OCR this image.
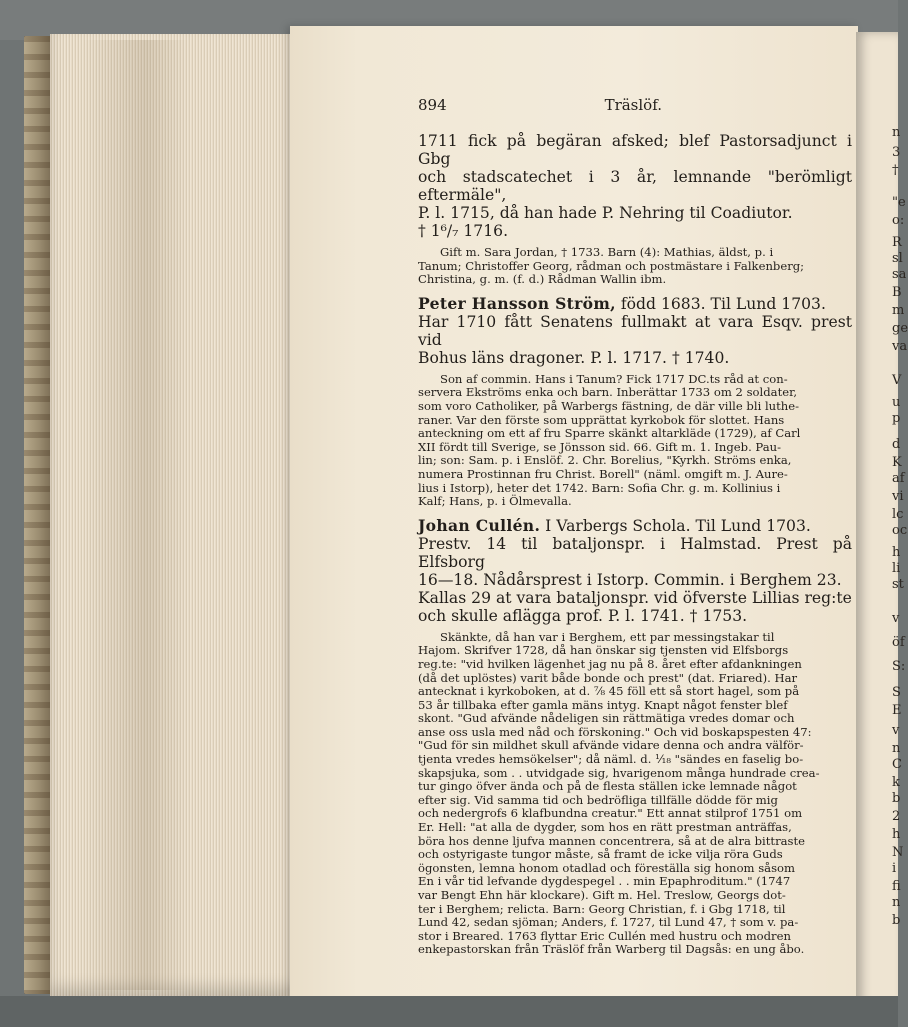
n
3
†
"e
o:
R
sl
sa
B
m
ge
va
V
u
p
d
K
af
vi
lc
oc
h
li
st
v
öf
S:
S
E
v
n
C
k
b
2
h
N
i
fi
n
b
894	Träslöf.

1711 fick på begäran afsked; blef Pastorsadjunct i Gbg

och stadscatechet i 3 år, lemnande "berömligt eftermäle",

P. l. 1715, då han hade P. Nehring til Coadiutor.

† 1⁶/₇ 1716.

Gift m. Sara Jordan, † 1733. Barn (4): Mathias, äldst, p. i

Tanum; Christoffer Georg, rådman och postmästare i Falkenberg;

Christina, g. m. (f. d.) Rådman Wallin ibm.

Peter Hansson Ström, född 1683. Til Lund 1703.

Har 1710 fått Senatens fullmakt at vara Esqv. prest vid

Bohus läns dragoner. P. l. 1717. † 1740.

Son af commin. Hans i Tanum? Fick 1717 DC.ts råd at con-

servera Ekströms enka och barn. Inberättar 1733 om 2 soldater,

som voro Catholiker, på Warbergs fästning, de där ville bli luthe-

raner. Var den förste som upprättat kyrkobok för slottet. Hans

anteckning om ett af fru Sparre skänkt altarkläde (1729), af Carl

XII fördt till Sverige, se Jönsson sid. 66. Gift m. 1. Ingeb. Pau-

lin; son: Sam. p. i Enslöf. 2. Chr. Borelius, "Kyrkh. Ströms enka,

numera Prostinnan fru Christ. Borell" (näml. omgift m. J. Aure-

lius i Istorp), heter det 1742. Barn: Sofia Chr. g. m. Kollinius i

Kalf; Hans, p. i Ölmevalla.

Johan Cullén. I Varbergs Schola. Til Lund 1703.

Prestv. 14 til bataljonspr. i Halmstad. Prest på Elfsborg

16—18. Nådårsprest i Istorp. Commin. i Berghem 23.

Kallas 29 at vara bataljonspr. vid öfverste Lillias reg:te

och skulle aflägga prof. P. l. 1741. † 1753.

Skänkte, då han var i Berghem, ett par messingstakar til

Hajom. Skrifver 1728, då han önskar sig tjensten vid Elfsborgs

reg.te: "vid hvilken lägenhet jag nu på 8. året efter afdankningen

(då det uplöstes) varit både bonde och prest" (dat. Friared). Har

antecknat i kyrkoboken, at d. ⅞ 45 föll ett så stort hagel, som på

53 år tillbaka efter gamla mäns intyg. Knapt något fenster blef

skont. "Gud afvände nådeligen sin rättmätiga vredes domar och

anse oss usla med nåd och förskoning." Och vid boskapspesten 47:

"Gud för sin mildhet skull afvände vidare denna och andra välför-

tjenta vredes hemsökelser"; då näml. d. ¹⁄₁₈ "sändes en faselig bo-

skapsjuka, som . . utvidgade sig, hvarigenom många hundrade crea-

tur gingo öfver ända och på de flesta ställen icke lemnade något

efter sig. Vid samma tid och bedröfliga tillfälle dödde för mig

och nedergrofs 6 klafbundna creatur." Ett annat stilprof 1751 om

Er. Hell: "at alla de dygder, som hos en rätt prestman anträffas,

böra hos denne ljufva mannen concentrera, så at de alra bittraste

och ostyrigaste tungor måste, så framt de icke vilja röra Guds

ögonsten, lemna honom otadlad och föreställa sig honom såsom

En i vår tid lefvande dygdespegel . . min Epaphroditum." (1747

var Bengt Ehn här klockare). Gift m. Hel. Treslow, Georgs dot-

ter i Berghem; relicta. Barn: Georg Christian, f. i Gbg 1718, til

Lund 42, sedan sjöman; Anders, f. 1727, til Lund 47, † som v. pa-

stor i Breared. 1763 flyttar Eric Cullén med hustru och modren

enkepastorskan från Träslöf från Warberg til Dagsås: en ung åbo.
